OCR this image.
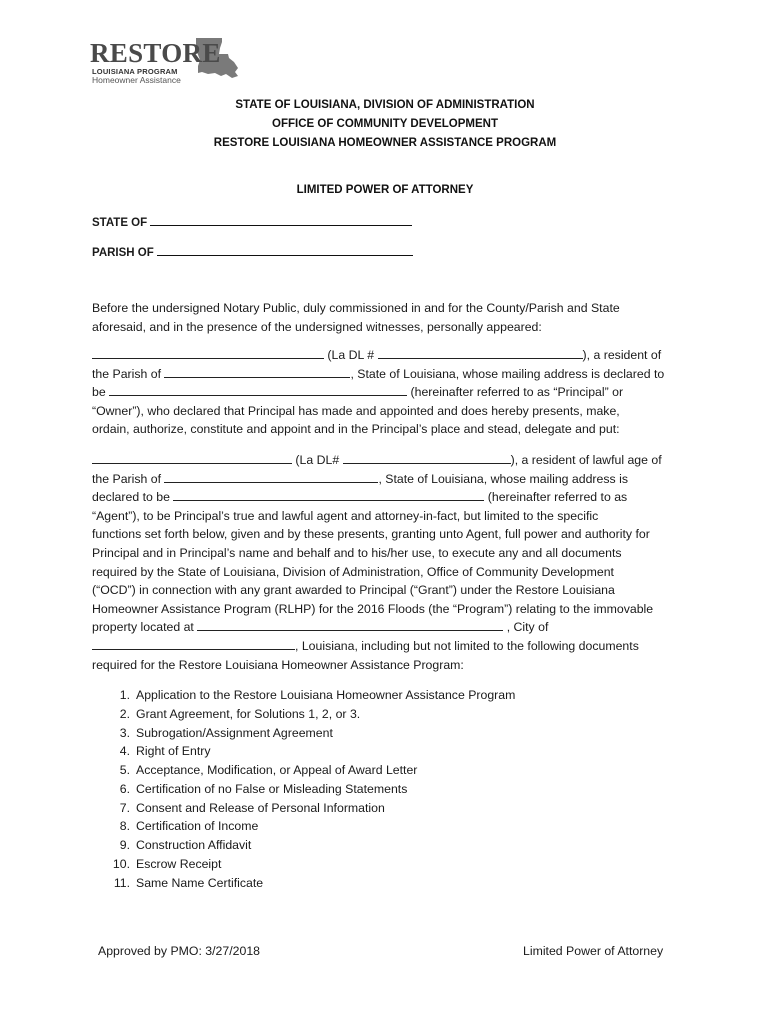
RESTORE
LOUISIANA PROGRAM
Homeowner Assistance
STATE OF LOUISIANA, DIVISION OF ADMINISTRATION
OFFICE OF COMMUNITY DEVELOPMENT
RESTORE LOUISIANA HOMEOWNER ASSISTANCE PROGRAM
LIMITED POWER OF ATTORNEY
STATE OF
PARISH OF

Before the undersigned Notary Public, duly commissioned in and for the County/Parish and State

aforesaid, and in the presence of the undersigned witnesses, personally appeared:

(La DL #	), a resident of

the Parish of	, State of Louisiana, whose mailing address is declared to

be	(hereinafter referred to as “Principal” or

“Owner”), who declared that Principal has made and appointed and does hereby presents, make,

ordain, authorize, constitute and appoint and in the Principal’s place and stead, delegate and put:

(La DL#	), a resident of lawful age of

the Parish of	, State of Louisiana, whose mailing address is

declared to be	(hereinafter referred to as

“Agent”), to be Principal’s true and lawful agent and attorney-in-fact, but limited to the specific

functions set forth below, given and by these presents, granting unto Agent, full power and authority for

Principal and in Principal’s name and behalf and to his/her use, to execute any and all documents

required by the State of Louisiana, Division of Administration, Office of Community Development

(“OCD”) in connection with any grant awarded to Principal (“Grant”) under the Restore Louisiana

Homeowner Assistance Program (RLHP) for the 2016 Floods (the “Program”) relating to the immovable

property located at	, City of

, Louisiana, including but not limited to the following documents

required for the Restore Louisiana Homeowner Assistance Program:

1. Application to the Restore Louisiana Homeowner Assistance Program
2. Grant Agreement, for Solutions 1, 2, or 3.
3. Subrogation/Assignment Agreement
4. Right of Entry
5. Acceptance, Modification, or Appeal of Award Letter
6. Certification of no False or Misleading Statements
7. Consent and Release of Personal Information
8. Certification of Income
9. Construction Affidavit
10. Escrow Receipt
11. Same Name Certificate
Approved by PMO: 3/27/2018	Limited Power of Attorney
